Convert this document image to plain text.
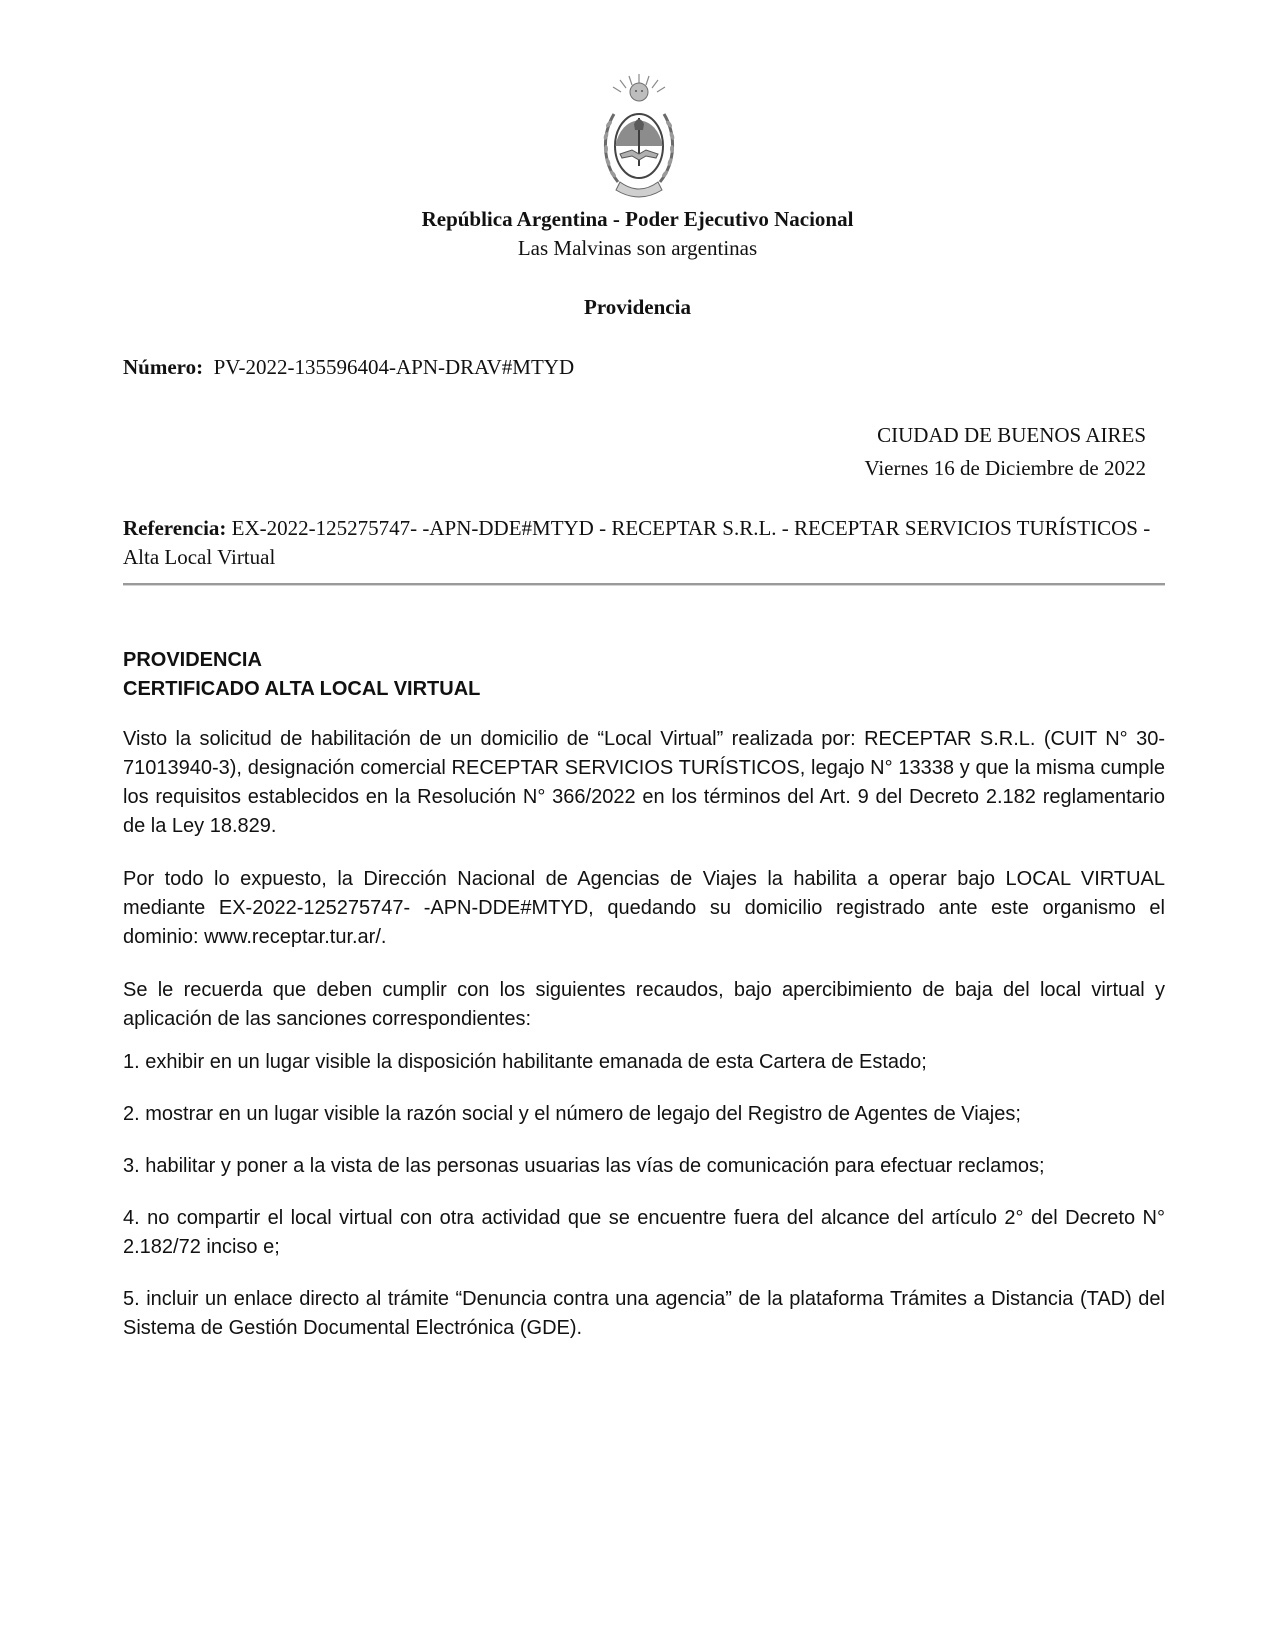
República Argentina - Poder Ejecutivo Nacional
Las Malvinas son argentinas
Providencia
Número: PV-2022-135596404-APN-DRAV#MTYD
CIUDAD DE BUENOS AIRES
Viernes 16 de Diciembre de 2022
Referencia: EX-2022-125275747- -APN-DDE#MTYD - RECEPTAR S.R.L. - RECEPTAR SERVICIOS TURÍSTICOS - Alta Local Virtual
PROVIDENCIA
CERTIFICADO ALTA LOCAL VIRTUAL
Visto la solicitud de habilitación de un domicilio de “Local Virtual” realizada por: RECEPTAR S.R.L. (CUIT N° 30-71013940-3), designación comercial RECEPTAR SERVICIOS TURÍSTICOS, legajo N° 13338 y que la misma cumple los requisitos establecidos en la Resolución N° 366/2022 en los términos del Art. 9 del Decreto 2.182 reglamentario de la Ley 18.829.
Por todo lo expuesto, la Dirección Nacional de Agencias de Viajes la habilita a operar bajo LOCAL VIRTUAL mediante EX-2022-125275747- -APN-DDE#MTYD, quedando su domicilio registrado ante este organismo el dominio: www.receptar.tur.ar/.
Se le recuerda que deben cumplir con los siguientes recaudos, bajo apercibimiento de baja del local virtual y aplicación de las sanciones correspondientes:
1. exhibir en un lugar visible la disposición habilitante emanada de esta Cartera de Estado;
2. mostrar en un lugar visible la razón social y el número de legajo del Registro de Agentes de Viajes;
3. habilitar y poner a la vista de las personas usuarias las vías de comunicación para efectuar reclamos;
4. no compartir el local virtual con otra actividad que se encuentre fuera del alcance del artículo 2° del Decreto N° 2.182/72 inciso e;
5. incluir un enlace directo al trámite “Denuncia contra una agencia” de la plataforma Trámites a Distancia (TAD) del Sistema de Gestión Documental Electrónica (GDE).
